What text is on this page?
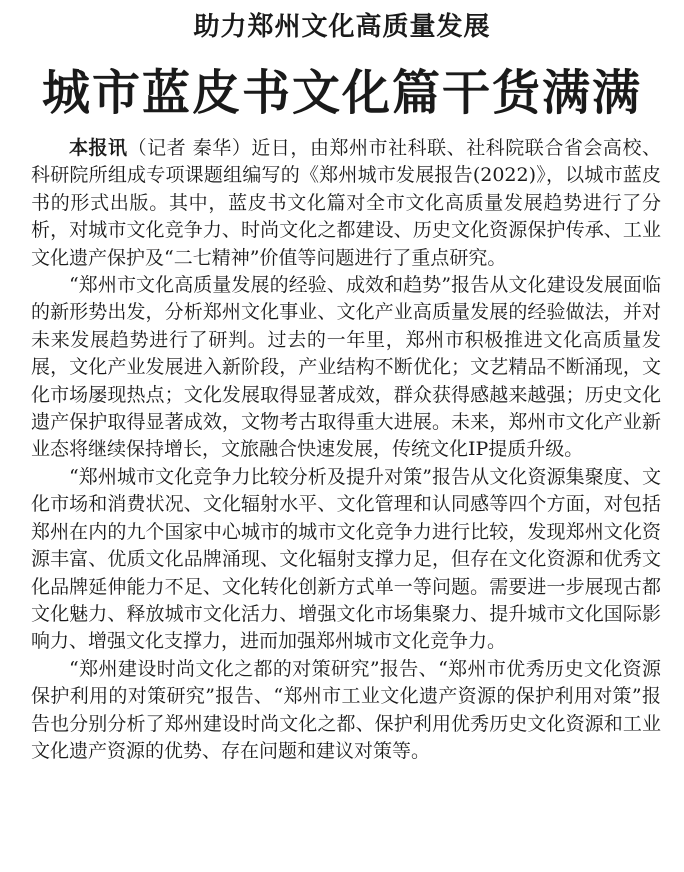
助力郑州文化高质量发展
城市蓝皮书文化篇干货满满

本报讯（记者 秦华）近日，由郑州市社科联、社科院联合省会高校、科研院所组成专项课题组编写的《郑州城市发展报告(2022)》，以城市蓝皮书的形式出版。其中，蓝皮书文化篇对全市文化高质量发展趋势进行了分析，对城市文化竞争力、时尚文化之都建设、历史文化资源保护传承、工业文化遗产保护及“二七精神”价值等问题进行了重点研究。

“郑州市文化高质量发展的经验、成效和趋势”报告从文化建设发展面临的新形势出发，分析郑州文化事业、文化产业高质量发展的经验做法，并对未来发展趋势进行了研判。过去的一年里，郑州市积极推进文化高质量发展，文化产业发展进入新阶段，产业结构不断优化；文艺精品不断涌现，文化市场屡现热点；文化发展取得显著成效，群众获得感越来越强；历史文化遗产保护取得显著成效，文物考古取得重大进展。未来，郑州市文化产业新业态将继续保持增长，文旅融合快速发展，传统文化IP提质升级。

“郑州城市文化竞争力比较分析及提升对策”报告从文化资源集聚度、文化市场和消费状况、文化辐射水平、文化管理和认同感等四个方面，对包括郑州在内的九个国家中心城市的城市文化竞争力进行比较，发现郑州文化资源丰富、优质文化品牌涌现、文化辐射支撑力足，但存在文化资源和优秀文化品牌延伸能力不足、文化转化创新方式单一等问题。需要进一步展现古都文化魅力、释放城市文化活力、增强文化市场集聚力、提升城市文化国际影响力、增强文化支撑力，进而加强郑州城市文化竞争力。

“郑州建设时尚文化之都的对策研究”报告、“郑州市优秀历史文化资源保护利用的对策研究”报告、“郑州市工业文化遗产资源的保护利用对策”报告也分别分析了郑州建设时尚文化之都、保护利用优秀历史文化资源和工业文化遗产资源的优势、存在问题和建议对策等。
